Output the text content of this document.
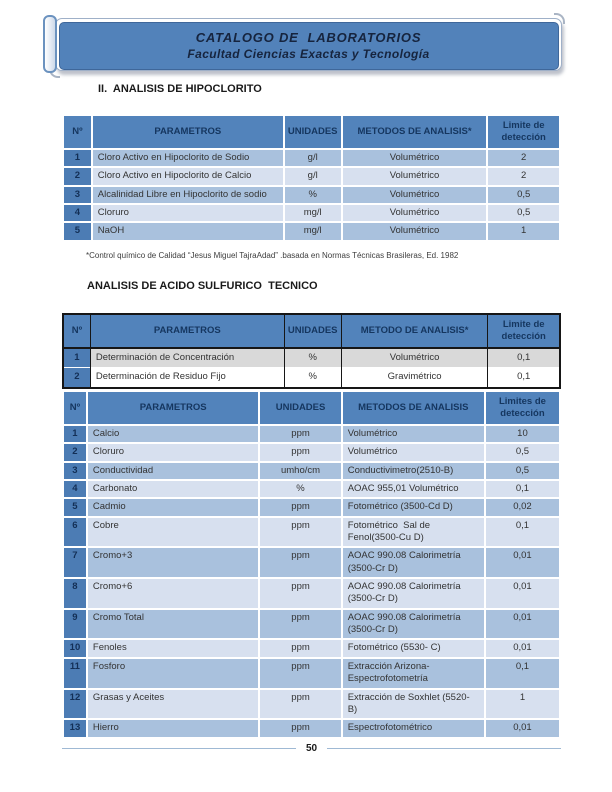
CATALOGO DE  LABORATORIOS
Facultad Ciencias Exactas y Tecnología
II.  ANALISIS DE HIPOCLORITO
Nº	PARAMETROS	UNIDADES	METODOS DE ANALISIS*	Limite de detección
1	Cloro Activo en Hipoclorito de Sodio	g/l	Volumétrico	2
2	Cloro Activo en Hipoclorito de Calcio	g/l	Volumétrico	2
3	Alcalinidad Libre en Hipoclorito de sodio	%	Volumétrico	0,5
4	Cloruro	mg/l	Volumétrico	0,5
5	NaOH	mg/l	Volumétrico	1
*Control químico de Calidad “Jesus Miguel TajraAdad” .basada en Normas Técnicas Brasileras, Ed. 1982
ANALISIS DE ACIDO SULFURICO  TECNICO
Nº	PARAMETROS	UNIDADES	METODO DE ANALISIS*	Limite de detección
1	Determinación de Concentración	%	Volumétrico	0,1
2	Determinación de Residuo Fijo	%	Gravimétrico	0,1
Nº	PARAMETROS	UNIDADES	METODOS DE ANALISIS	Limites de detección
1	Calcio	ppm	Volumétrico	10
2	Cloruro	ppm	Volumétrico	0,5
3	Conductividad	umho/cm	Conductivimetro(2510-B)	0,5
4	Carbonato	%	AOAC 955,01 Volumétrico	0,1
5	Cadmio	ppm	Fotométrico (3500-Cd D)	0,02
6	Cobre	ppm	Fotométrico  Sal de Fenol(3500-Cu D)	0,1
7	Cromo+3	ppm	AOAC 990.08 Calorimetría (3500-Cr D)	0,01
8	Cromo+6	ppm	AOAC 990.08 Calorimetría (3500-Cr D)	0,01
9	Cromo Total	ppm	AOAC 990.08 Calorimetría (3500-Cr D)	0,01
10	Fenoles	ppm	Fotométrico (5530- C)	0,01
11	Fosforo	ppm	Extracción Arizona-Espectrofotometría	0,1
12	Grasas y Aceites	ppm	Extracción de Soxhlet (5520-B)	1
13	Hierro	ppm	Espectrofotométrico	0,01
50
